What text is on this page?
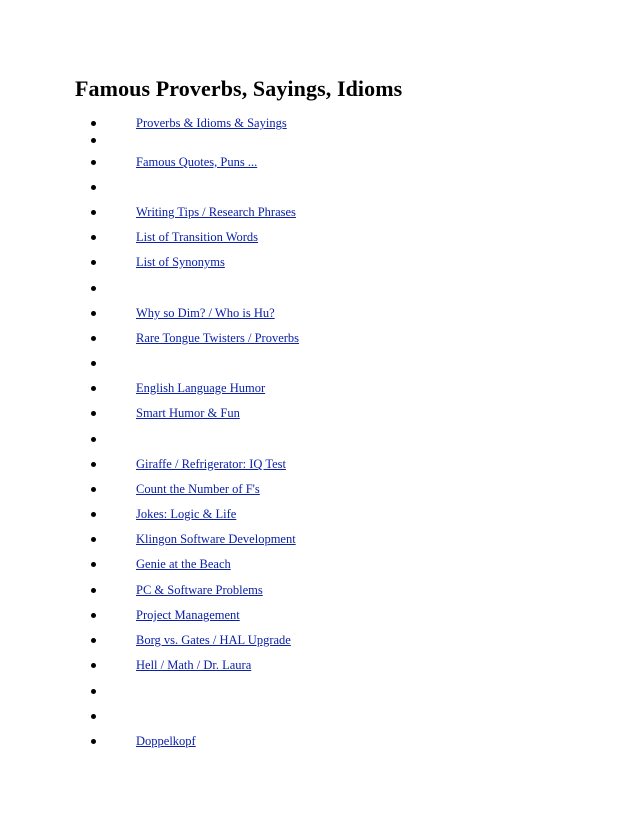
Famous Proverbs, Sayings, Idioms
Proverbs & Idioms & Sayings
Famous Quotes, Puns ...
Writing Tips / Research Phrases
List of Transition Words
List of Synonyms
Why so Dim? / Who is Hu?
Rare Tongue Twisters / Proverbs
English Language Humor
Smart Humor & Fun
Giraffe / Refrigerator: IQ Test
Count the Number of F's
Jokes: Logic & Life
Klingon Software Development
Genie at the Beach
PC & Software Problems
Project Management
Borg vs. Gates / HAL Upgrade
Hell / Math / Dr. Laura
Doppelkopf
